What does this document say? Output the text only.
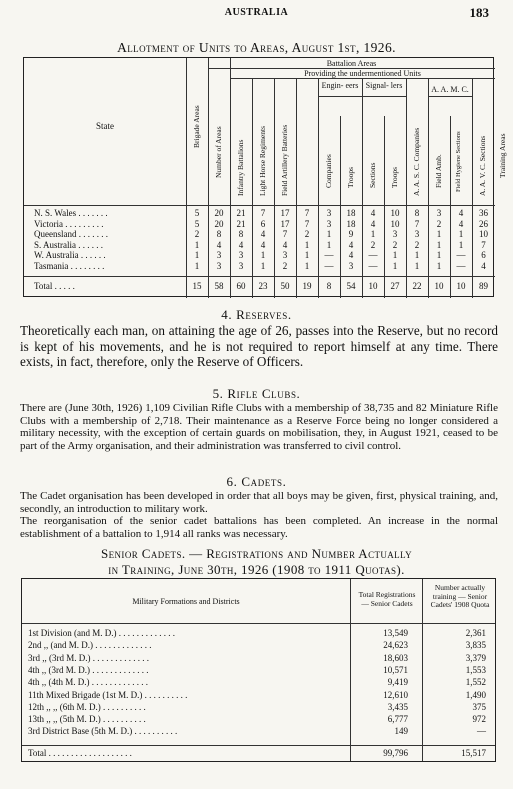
AUSTRALIA	183
Allotment of Units to Areas, August 1st, 1926.
Battalion Areas
Providing the undermentioned Units
State
Engin- eers Signal- lers	A. A. M. C.
Brigade Areas Number of Areas Infantry Battalions Light Horse Regiments Field Artillery Batteries	Companies Troops Sections Troops A. A. S. C. Companies Field Amb. Field Hygiene Sections A. A. V. C. Sections Training Areas
N. S. Wales . . . . . . .	5	20	21	7	17	7	3	18	4	10	8	3	4	36
Victoria . . . . . . . . .	5	20	21	6	17	7	3	18	4	10	7	2	4	26
Queensland . . . . . . .	2	8	8	4	7	2	1	9	1	3	3	1	1	10
S. Australia . . . . . .	1	4	4	4	4	1	1	4	2	2	2	1	1	7
W. Australia . . . . . .	1	3	3	1	3	1	—	4	—	1	1	1	—	6
Tasmania . . . . . . . .	1	3	3	1	2	1	—	3	—	1	1	1	—	4
Total . . . . .	15	58	60	23	50	19	8	54	10	27	22	10	10	89
4. Reserves.
Theoretically each man, on attaining the age of 26, passes into the Reserve, but no record is kept of his movements, and he is not required to report himself at any time. There exists, in fact, therefore, only the Reserve of Officers.
5. Rifle Clubs.
There are (June 30th, 1926) 1,109 Civilian Rifle Clubs with a membership of 38,735 and 82 Miniature Rifle Clubs with a membership of 2,718. Their maintenance as a Reserve Force being no longer considered a military necessity, with the exception of certain guards on mobilisation, they, in August 1921, ceased to be part of the Army organisation, and their administration was transferred to civil control.
6. Cadets.
The Cadet organisation has been developed in order that all boys may be given, first, physical training, and, secondly, an introduction to military work.
The reorganisation of the senior cadet battalions has been completed. An increase in the normal establishment of a battalion to 1,914 all ranks was necessary.
Senior Cadets. — Registrations and Number Actually
in Training, June 30th, 1926 (1908 to 1911 Quotas).
Military Formations and Districts
Total Registrations — Senior Cadets
Number actually training — Senior Cadets' 1908 Quota
1st Division (and M. D.) . . . . . . . . . . . . .	13,549	2,361
2nd ,, (and M. D.) . . . . . . . . . . . . .	24,623	3,835
3rd ,, (3rd M. D.) . . . . . . . . . . . . .	18,603	3,379
4th ,, (3rd M. D.) . . . . . . . . . . . . .	10,571	1,553
4th ,, (4th M. D.) . . . . . . . . . . . . .	9,419	1,552
11th Mixed Brigade (1st M. D.) . . . . . . . . . .	12,610	1,490
12th ,, ,, (6th M. D.) . . . . . . . . . .	3,435	375
13th ,, ,, (5th M. D.) . . . . . . . . . .	6,777	972
3rd District Base (5th M. D.) . . . . . . . . . .	149	—
Total . . . . . . . . . . . . . . . . . . .	99,796	15,517
